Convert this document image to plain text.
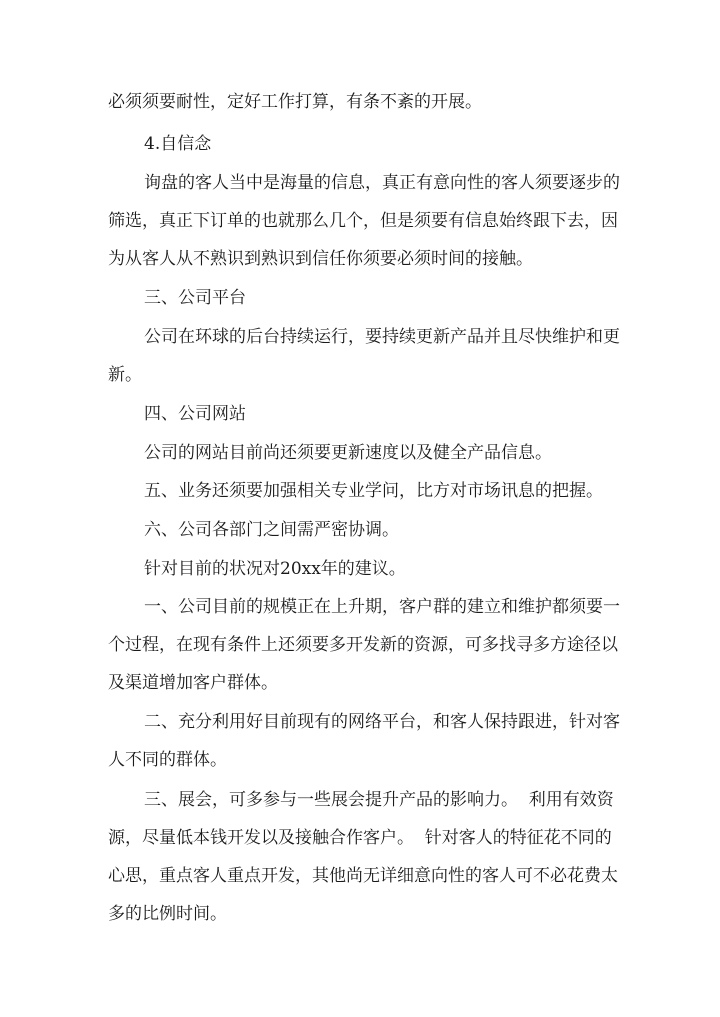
必须须要耐性，定好工作打算，有条不紊的开展。
4.自信念
询盘的客人当中是海量的信息，真正有意向性的客人须要逐步的
筛选，真正下订单的也就那么几个，但是须要有信息始终跟下去，因
为从客人从不熟识到熟识到信任你须要必须时间的接触。
三、公司平台
公司在环球的后台持续运行，要持续更新产品并且尽快维护和更
新。
四、公司网站
公司的网站目前尚还须要更新速度以及健全产品信息。
五、业务还须要加强相关专业学问，比方对市场讯息的把握。
六、公司各部门之间需严密协调。
针对目前的状况对20xx年的建议。
一、公司目前的规模正在上升期，客户群的建立和维护都须要一
个过程，在现有条件上还须要多开发新的资源，可多找寻多方途径以
及渠道增加客户群体。
二、充分利用好目前现有的网络平台，和客人保持跟进，针对客
人不同的群体。
三、展会，可多参与一些展会提升产品的影响力。  利用有效资
源，尽量低本钱开发以及接触合作客户。  针对客人的特征花不同的
心思，重点客人重点开发，其他尚无详细意向性的客人可不必花费太
多的比例时间。
